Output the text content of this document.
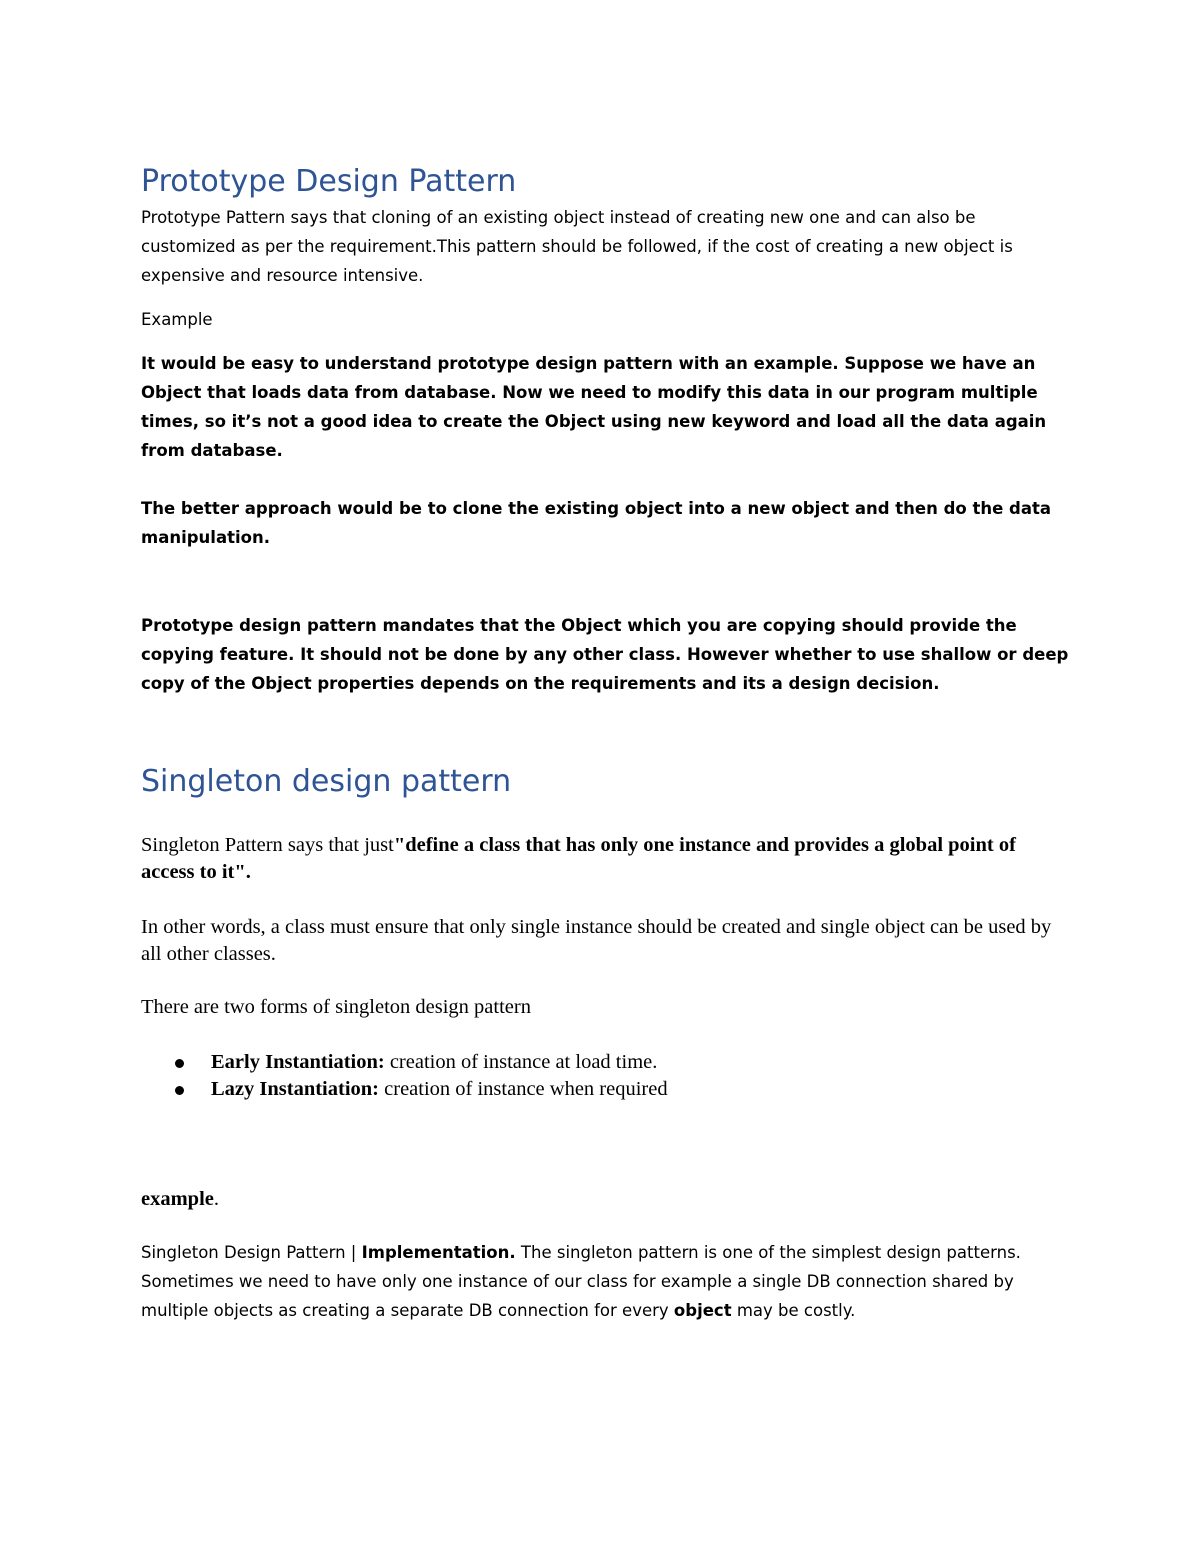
Prototype Design Pattern

Prototype Pattern says that cloning of an existing object instead of creating new one and can also be customized as per the requirement.This pattern should be followed, if the cost of creating a new object is expensive and resource intensive.

Example

It would be easy to understand prototype design pattern with an example. Suppose we have an Object that loads data from database. Now we need to modify this data in our program multiple times, so it’s not a good idea to create the Object using new keyword and load all the data again from database.

The better approach would be to clone the existing object into a new object and then do the data manipulation.

Prototype design pattern mandates that the Object which you are copying should provide the copying feature. It should not be done by any other class. However whether to use shallow or deep copy of the Object properties depends on the requirements and its a design decision.

Singleton design pattern

Singleton Pattern says that just"define a class that has only one instance and provides a global point of access to it".

In other words, a class must ensure that only single instance should be created and single object can be used by all other classes.

There are two forms of singleton design pattern

Early Instantiation: creation of instance at load time.
Lazy Instantiation: creation of instance when required

example.

Singleton Design Pattern | Implementation. The singleton pattern is one of the simplest design patterns. Sometimes we need to have only one instance of our class for example a single DB connection shared by multiple objects as creating a separate DB connection for every object may be costly.
